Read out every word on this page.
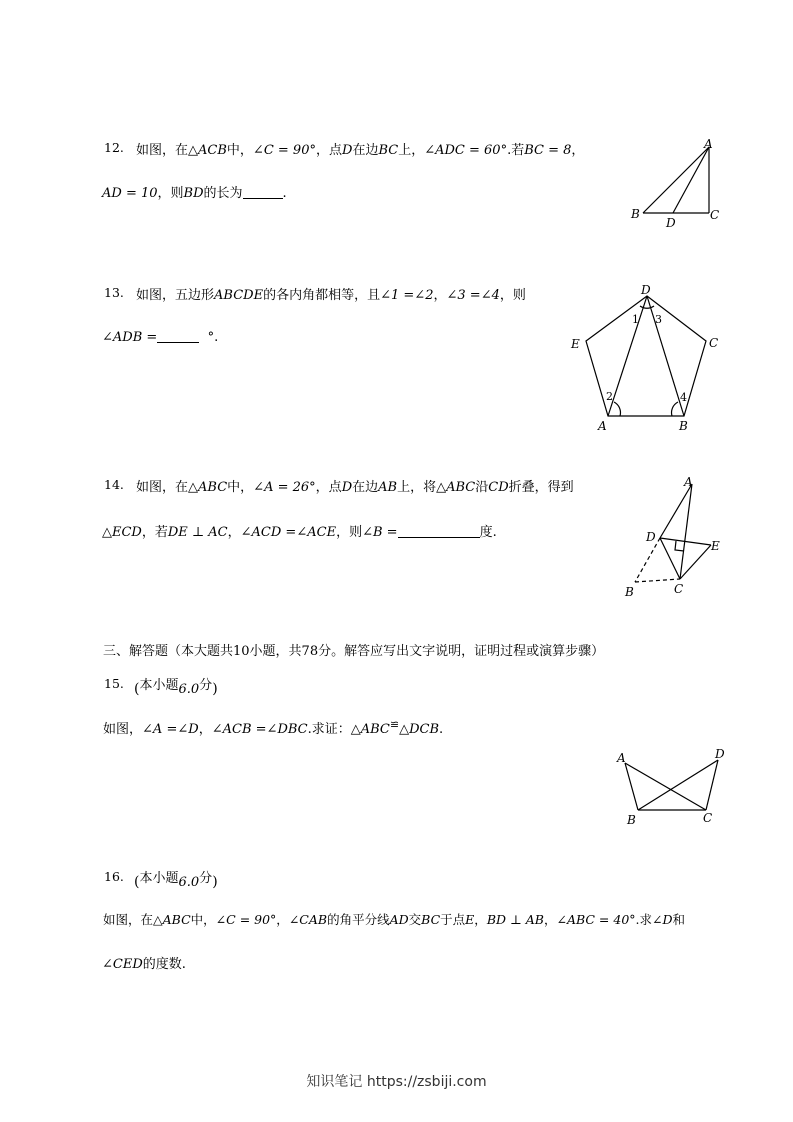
12. 如图，在△ACB中，∠C = 90°，点D在边BC上，∠ADC = 60°.若BC = 8，
AD = 10，则BD的长为	.
A
B	C
D
13. 如图，五边形ABCDE的各内角都相等，且∠1 =∠2，∠3 =∠4，则
∠ADB =	°.
D
C
E
A	B
1
2
3
4
14. 如图，在△ABC中，∠A = 26°，点D在边AB上，将△ABC沿CD折叠，得到
△ECD，若DE ⊥ AC，∠ACD =∠ACE，则∠B =	度.
A
D
E
B	C
三、解答题（本大题共10小题，共78分。解答应写出文字说明，证明过程或演算步骤）
15. (本小题6.0分)
如图，∠A =∠D，∠ACB =∠DBC.求证：△ABC≌△DCB.
A	D
B	C
16. (本小题6.0分)
如图，在△ABC中，∠C = 90°，∠CAB的角平分线AD交BC于点E，BD ⊥ AB，∠ABC = 40°.求∠D和
∠CED的度数.
知识笔记 https://zsbiji.com
